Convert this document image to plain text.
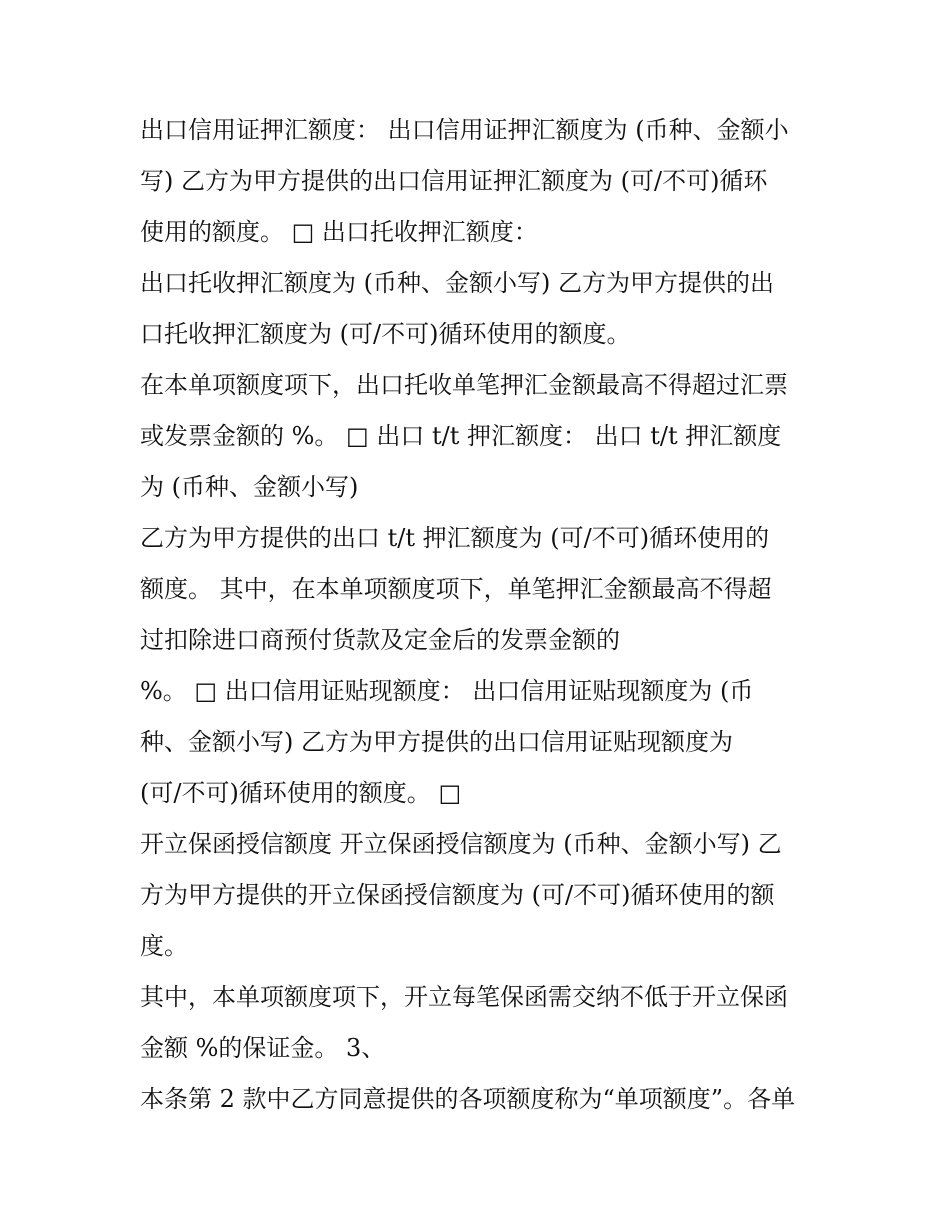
出口信用证押汇额度： 出口信用证押汇额度为 (币种、金额小
写) 乙方为甲方提供的出口信用证押汇额度为 (可/不可)循环
使用的额度。 □ 出口托收押汇额度：
出口托收押汇额度为 (币种、金额小写) 乙方为甲方提供的出
口托收押汇额度为 (可/不可)循环使用的额度。
在本单项额度项下，出口托收单笔押汇金额最高不得超过汇票
或发票金额的 %。 □ 出口 t/t 押汇额度： 出口 t/t 押汇额度
为 (币种、金额小写)
乙方为甲方提供的出口 t/t 押汇额度为 (可/不可)循环使用的
额度。 其中，在本单项额度项下，单笔押汇金额最高不得超
过扣除进口商预付货款及定金后的发票金额的
%。 □ 出口信用证贴现额度： 出口信用证贴现额度为 (币
种、金额小写) 乙方为甲方提供的出口信用证贴现额度为
(可/不可)循环使用的额度。 □
开立保函授信额度 开立保函授信额度为 (币种、金额小写) 乙
方为甲方提供的开立保函授信额度为 (可/不可)循环使用的额
度。
其中，本单项额度项下，开立每笔保函需交纳不低于开立保函
金额 %的保证金。 3、
本条第 2 款中乙方同意提供的各项额度称为“单项额度”。各单
